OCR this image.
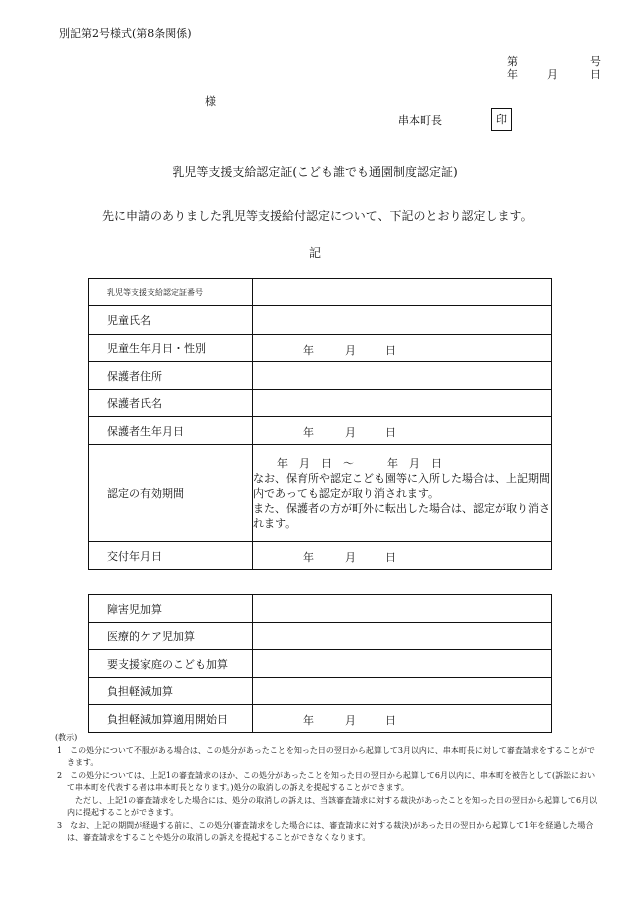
別記第2号様式(第8条関係)
第	号
年	月	日
様
串本町長	印
乳児等支援支給認定証(こども誰でも通園制度認定証)
先に申請のありました乳児等支援給付認定について、下記のとおり認定します。
記
乳児等支援支給認定証番号	
児童氏名	
児童生年月日・性別	年 月 日

保護者住所	
保護者氏名	
保護者生年月日	年 月 日

認定の有効期間	年　月　日　～　　　年　月　日
なお、保育所や認定こども園等に入所した場合は、上記期間内であっても認定が取り消されます。
また、保護者の方が町外に転出した場合は、認定が取り消されます。

交付年月日	年 月 日
障害児加算	
医療的ケア児加算	
要支援家庭のこども加算	
負担軽減加算	
負担軽減加算適用開始日	年 月 日

(教示)

1　この処分について不服がある場合は、この処分があったことを知った日の翌日から起算して3月以内に、串本町長に対して審査請求をすることができます。

2　この処分については、上記1の審査請求のほか、この処分があったことを知った日の翌日から起算して6月以内に、串本町を被告として(訴訟において串本町を代表する者は串本町長となります。)処分の取消しの訴えを提起することができます。

ただし、上記1の審査請求をした場合には、処分の取消しの訴えは、当該審査請求に対する裁決があったことを知った日の翌日から起算して6月以内に提起することができます。

3　なお、上記の期間が経過する前に、この処分(審査請求をした場合には、審査請求に対する裁決)があった日の翌日から起算して1年を経過した場合は、審査請求をすることや処分の取消しの訴えを提起することができなくなります。
